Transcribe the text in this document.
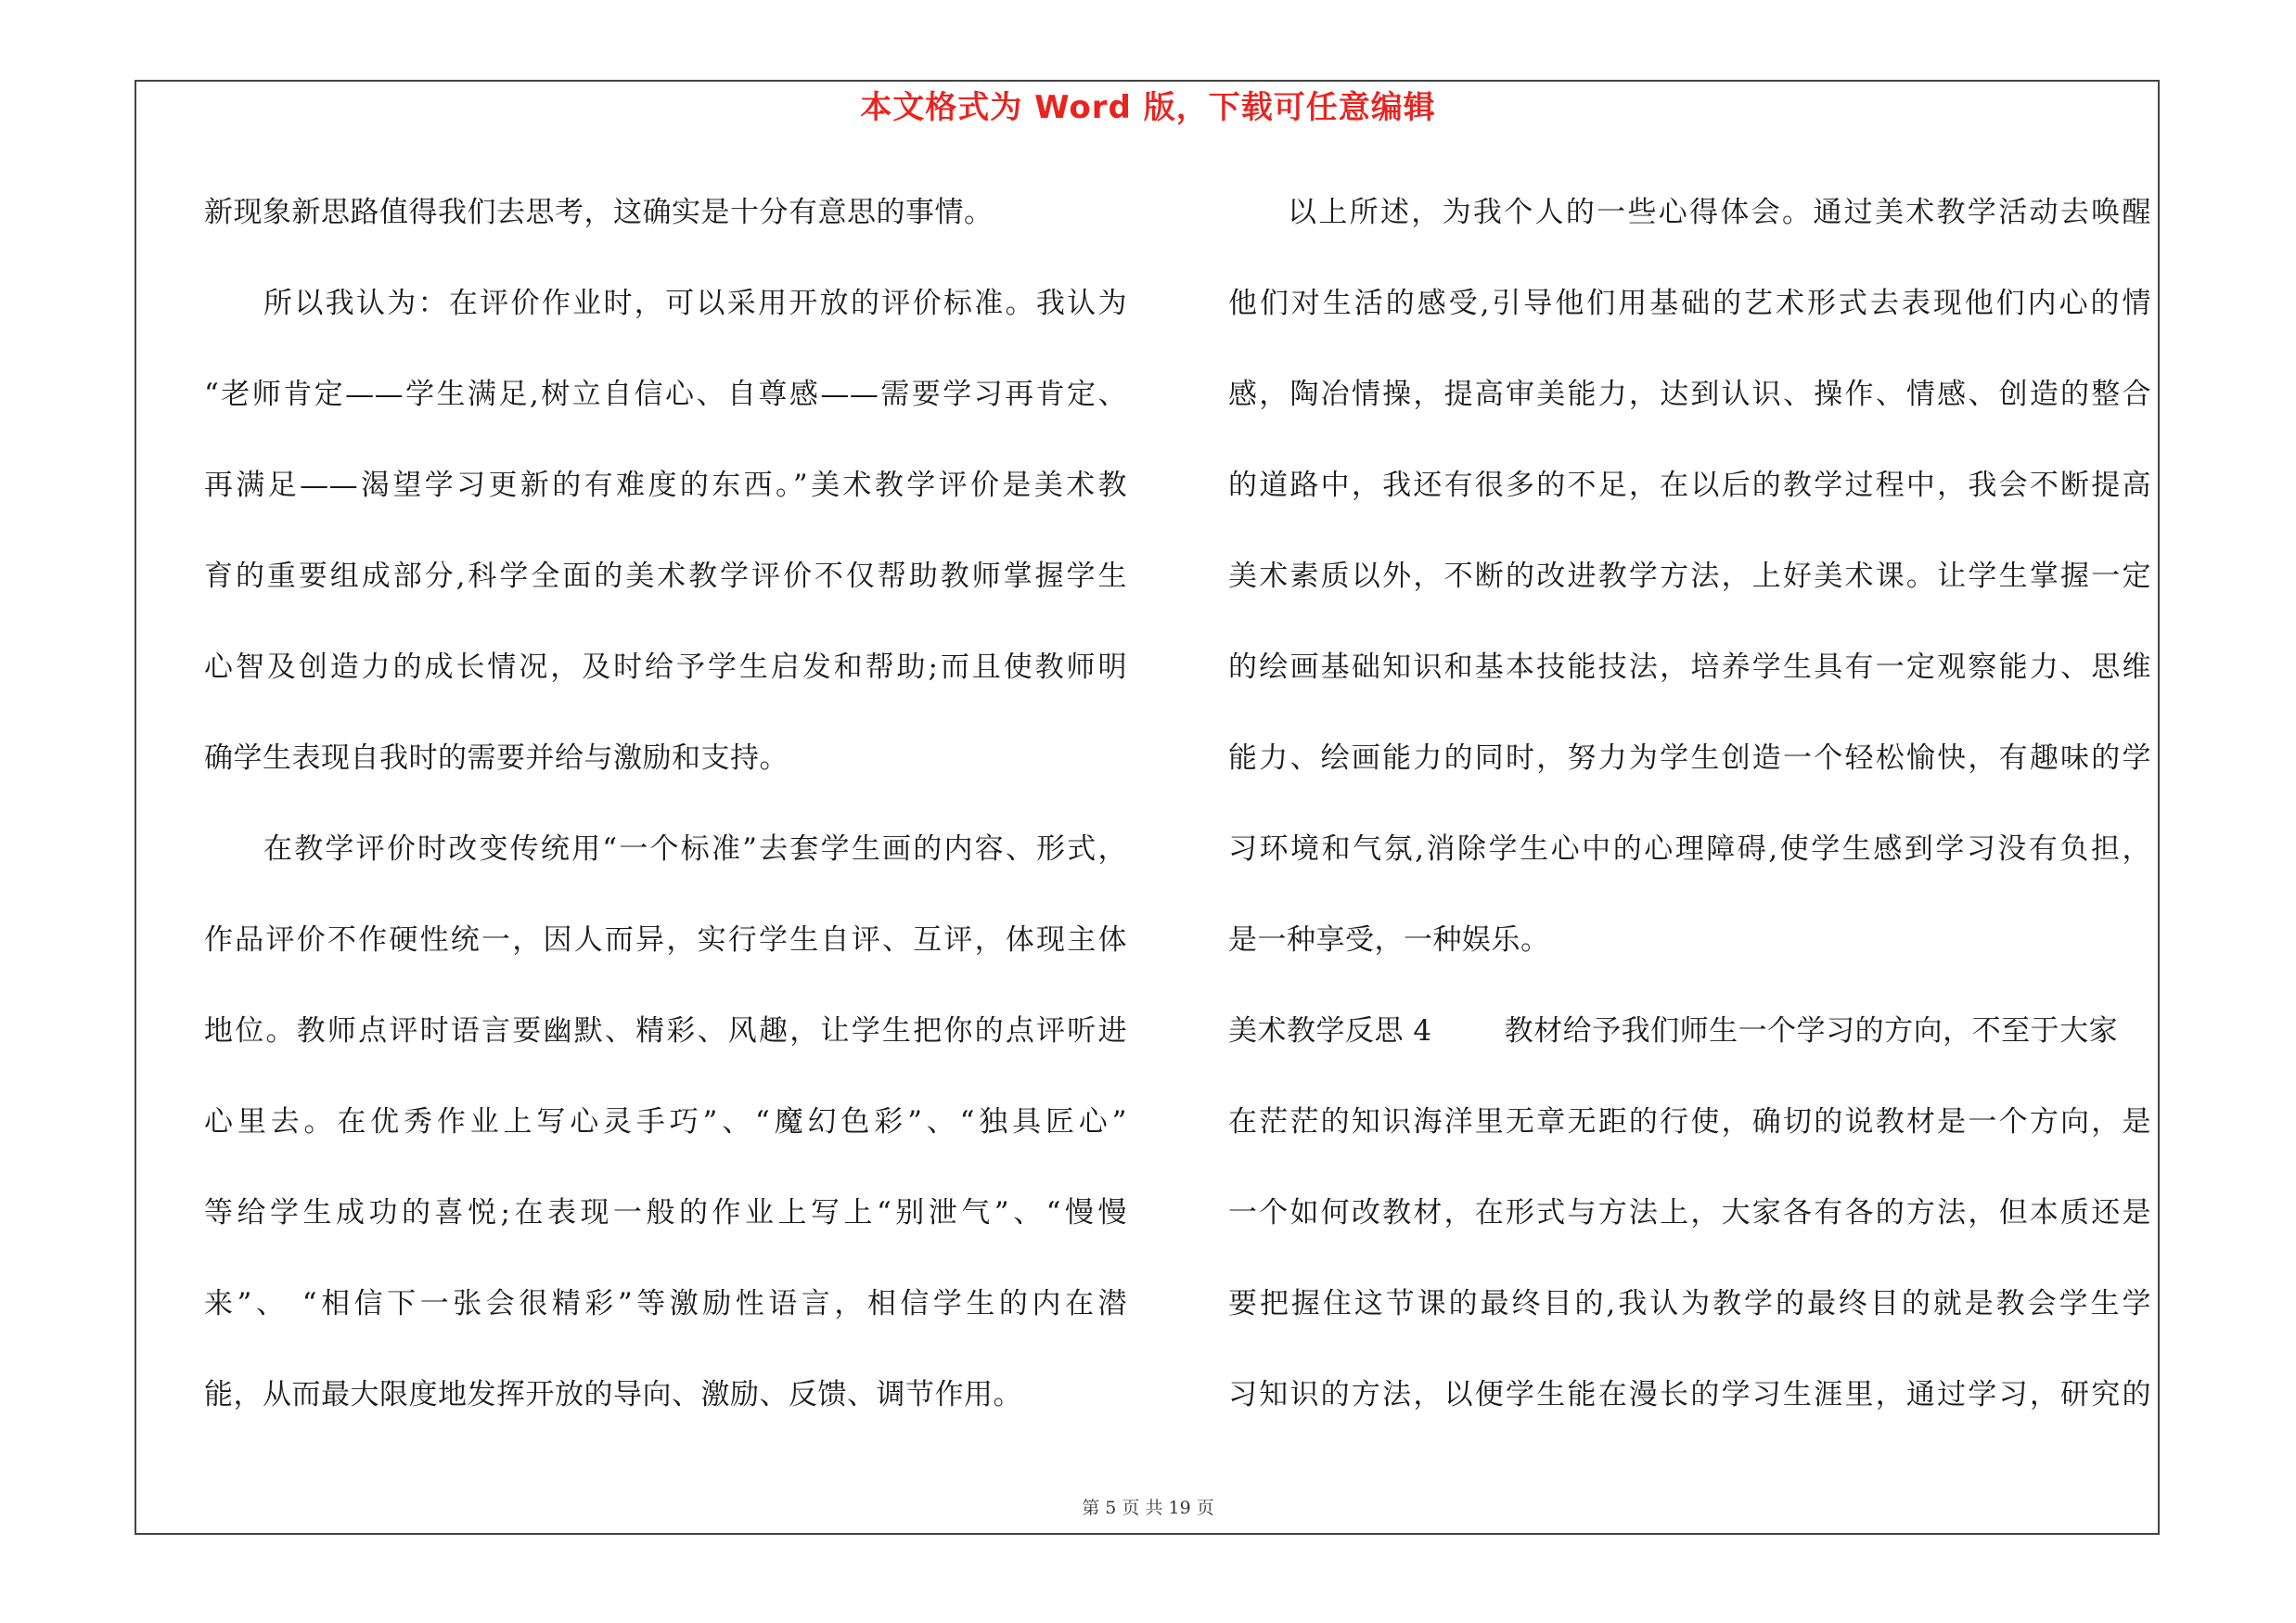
本文格式为 Word 版，下载可任意编辑
新现象新思路值得我们去思考，这确实是十分有意思的事情。
所以我认为：在评价作业时，可以采用开放的评价标准。我认为
“老师肯定——学生满足,树立自信心、自尊感——需要学习再肯定、
再满足——渴望学习更新的有难度的东西。”美术教学评价是美术教
育的重要组成部分,科学全面的美术教学评价不仅帮助教师掌握学生
心智及创造力的成长情况，及时给予学生启发和帮助;而且使教师明
确学生表现自我时的需要并给与激励和支持。
在教学评价时改变传统用“一个标准”去套学生画的内容、形式，
作品评价不作硬性统一，因人而异，实行学生自评、互评，体现主体
地位。教师点评时语言要幽默、精彩、风趣，让学生把你的点评听进
心里去。在优秀作业上写心灵手巧”、“魔幻色彩”、“独具匠心”
等给学生成功的喜悦;在表现一般的作业上写上“别泄气”、“慢慢
来”、 “相信下一张会很精彩”等激励性语言，相信学生的内在潜
能，从而最大限度地发挥开放的导向、激励、反馈、调节作用。
以上所述，为我个人的一些心得体会。通过美术教学活动去唤醒
他们对生活的感受,引导他们用基础的艺术形式去表现他们内心的情
感，陶冶情操，提高审美能力，达到认识、操作、情感、创造的整合
的道路中，我还有很多的不足，在以后的教学过程中，我会不断提高
美术素质以外，不断的改进教学方法，上好美术课。让学生掌握一定
的绘画基础知识和基本技能技法，培养学生具有一定观察能力、思维
能力、绘画能力的同时，努力为学生创造一个轻松愉快，有趣味的学
习环境和气氛,消除学生心中的心理障碍,使学生感到学习没有负担，
是一种享受，一种娱乐。
美术教学反思 4	教材给予我们师生一个学习的方向，不至于大家
在茫茫的知识海洋里无章无距的行使，确切的说教材是一个方向，是
一个如何改教材，在形式与方法上，大家各有各的方法，但本质还是
要把握住这节课的最终目的,我认为教学的最终目的就是教会学生学
习知识的方法，以便学生能在漫长的学习生涯里，通过学习，研究的
第 5 页 共 19 页
